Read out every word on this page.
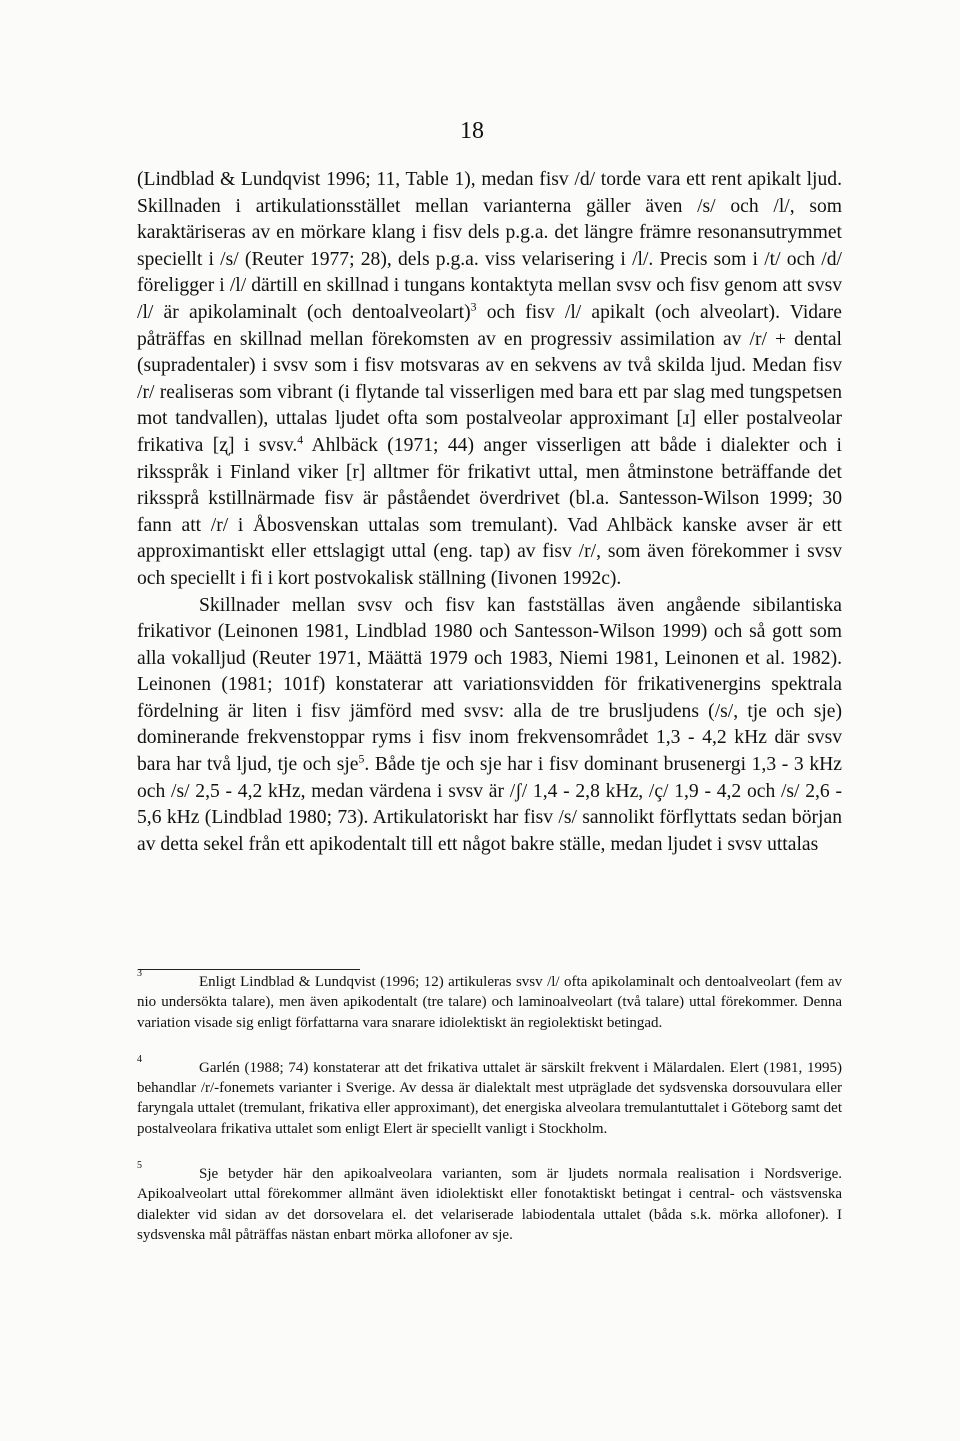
18

(Lindblad & Lundqvist 1996; 11, Table 1), medan fisv /d/ torde vara ett rent apikalt ljud. Skillnaden i artikulationsstället mellan varianterna gäller även /s/ och /l/, som karaktäriseras av en mörkare klang i fisv dels p.g.a. det längre främre resonansutrymmet speciellt i /s/ (Reuter 1977; 28), dels p.g.a. viss velarisering i /l/. Precis som i /t/ och /d/ föreligger i /l/ därtill en skillnad i tungans kontaktyta mellan svsv och fisv genom att svsv /l/ är apikolaminalt (och dentoalveolart)$^3$ och fisv /l/ apikalt (och alveolart). Vidare påträffas en skillnad mellan förekomsten av en progressiv assimilation av /r/ + dental (supradentaler) i svsv som i fisv motsvaras av en sekvens av två skilda ljud. Medan fisv /r/ realiseras som vibrant (i flytande tal visserligen med bara ett par slag med tungspetsen mot tandvallen), uttalas ljudet ofta som postalveolar approximant [ɹ] eller postalveolar frikativa [ʐ] i svsv.$^4$ Ahlbäck (1971; 44) anger visserligen att både i dialekter och i riksspråk i Finland viker [r] alltmer för frikativt uttal, men åtminstone beträffande det rikssprå kstillnärmade fisv är påståendet överdrivet (bl.a. Santesson-Wilson 1999; 30 fann att /r/ i Åbosvenskan uttalas som tremulant). Vad Ahlbäck kanske avser är ett approximantiskt eller ettslagigt uttal (eng. tap) av fisv /r/, som även förekommer i svsv och speciellt i fi i kort postvokalisk ställning (Iivonen 1992c).

Skillnader mellan svsv och fisv kan fastställas även angående sibilantiska frikativor (Leinonen 1981, Lindblad 1980 och Santesson-Wilson 1999) och så gott som alla vokalljud (Reuter 1971, Määttä 1979 och 1983, Niemi 1981, Leinonen et al. 1982). Leinonen (1981; 101f) konstaterar att variationsvidden för frikativenergins spektrala fördelning är liten i fisv jämförd med svsv: alla de tre brusljudens (/s/, tje och sje) dominerande frekvenstoppar ryms i fisv inom frekvensområdet 1,3 - 4,2 kHz där svsv bara har två ljud, tje och sje$^5$. Både tje och sje har i fisv dominant brusenergi 1,3 - 3 kHz och /s/ 2,5 - 4,2 kHz, medan värdena i svsv är /ʃ/ 1,4 - 2,8 kHz, /ç/ 1,9 - 4,2 och /s/ 2,6 - 5,6 kHz (Lindblad 1980; 73). Artikulatoriskt har fisv /s/ sannolikt förflyttats sedan början av detta sekel från ett apikodentalt till ett något bakre ställe, medan ljudet i svsv uttalas

3
Enligt Lindblad & Lundqvist (1996; 12) artikuleras svsv /l/ ofta apikolaminalt och dentoalveolart (fem av nio undersökta talare), men även apikodentalt (tre talare) och laminoalveolart (två talare) uttal förekommer. Denna variation visade sig enligt författarna vara snarare idiolektiskt än regiolektiskt betingad.
4
Garlén (1988; 74) konstaterar att det frikativa uttalet är särskilt frekvent i Mälardalen. Elert (1981, 1995) behandlar /r/-fonemets varianter i Sverige. Av dessa är dialektalt mest utpräglade det sydsvenska dorsouvulara eller faryngala uttalet (tremulant, frikativa eller approximant), det energiska alveolara tremulantuttalet i Göteborg samt det postalveolara frikativa uttalet som enligt Elert är speciellt vanligt i Stockholm.
5
Sje betyder här den apikoalveolara varianten, som är ljudets normala realisation i Nordsverige. Apikoalveolart uttal förekommer allmänt även idiolektiskt eller fonotaktiskt betingat i central- och västsvenska dialekter vid sidan av det dorsovelara el. det velariserade labiodentala uttalet (båda s.k. mörka allofoner). I sydsvenska mål påträffas nästan enbart mörka allofoner av sje.
